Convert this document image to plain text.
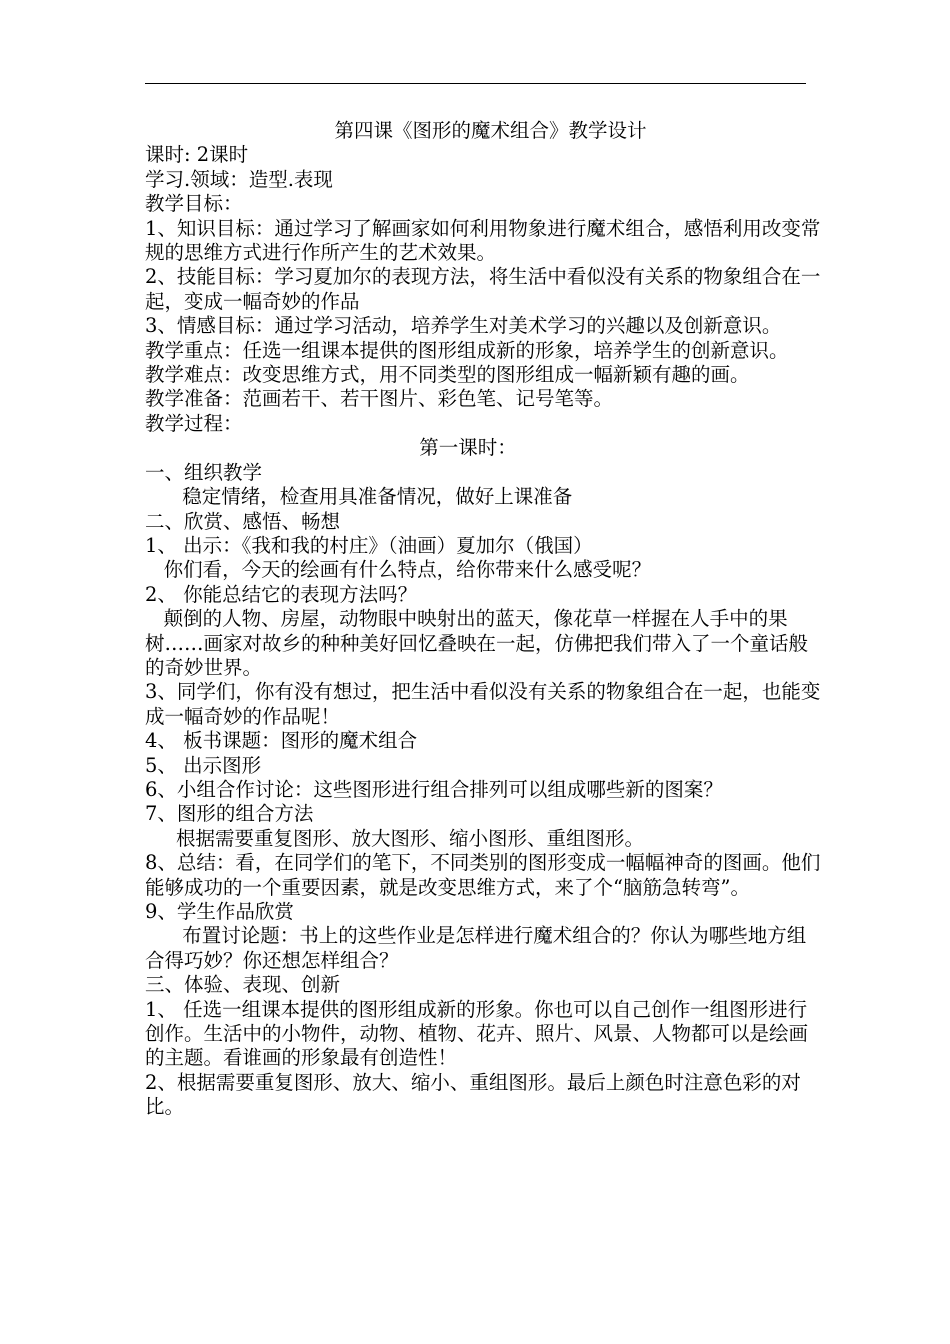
第四课《图形的魔术组合》教学设计

课时: 2课时

学习.领域：造型.表现

教学目标：

1、知识目标：通过学习了解画家如何利用物象进行魔术组合，感悟利用改变常规的思维方式进行作所产生的艺术效果。

2、技能目标：学习夏加尔的表现方法，将生活中看似没有关系的物象组合在一起，变成一幅奇妙的作品

3、情感目标：通过学习活动，培养学生对美术学习的兴趣以及创新意识。

教学重点：任选一组课本提供的图形组成新的形象，培养学生的创新意识。

教学难点：改变思维方式，用不同类型的图形组成一幅新颖有趣的画。

教学准备：范画若干、若干图片、彩色笔、记号笔等。

教学过程：

第一课时：

一、组织教学

稳定情绪，检查用具准备情况，做好上课准备

二、欣赏、感悟、畅想

1、 出示：《我和我的村庄》（油画）夏加尔（俄国）

你们看，今天的绘画有什么特点，给你带来什么感受呢？

2、 你能总结它的表现方法吗？

颠倒的人物、房屋，动物眼中映射出的蓝天，像花草一样握在人手中的果树……画家对故乡的种种美好回忆叠映在一起，仿佛把我们带入了一个童话般的奇妙世界。

3、同学们，你有没有想过，把生活中看似没有关系的物象组合在一起，也能变成一幅奇妙的作品呢！

4、 板书课题：图形的魔术组合

5、 出示图形

6、小组合作讨论：这些图形进行组合排列可以组成哪些新的图案？

7、图形的组合方法

根据需要重复图形、放大图形、缩小图形、重组图形。

8、总结：看，在同学们的笔下，不同类别的图形变成一幅幅神奇的图画。他们能够成功的一个重要因素，就是改变思维方式，来了个“脑筋急转弯”。

9、学生作品欣赏

布置讨论题：书上的这些作业是怎样进行魔术组合的？你认为哪些地方组合得巧妙？你还想怎样组合？

三、体验、表现、创新

1、 任选一组课本提供的图形组成新的形象。你也可以自己创作一组图形进行创作。生活中的小物件，动物、植物、花卉、照片、风景、人物都可以是绘画的主题。看谁画的形象最有创造性！

2、根据需要重复图形、放大、缩小、重组图形。最后上颜色时注意色彩的对比。
